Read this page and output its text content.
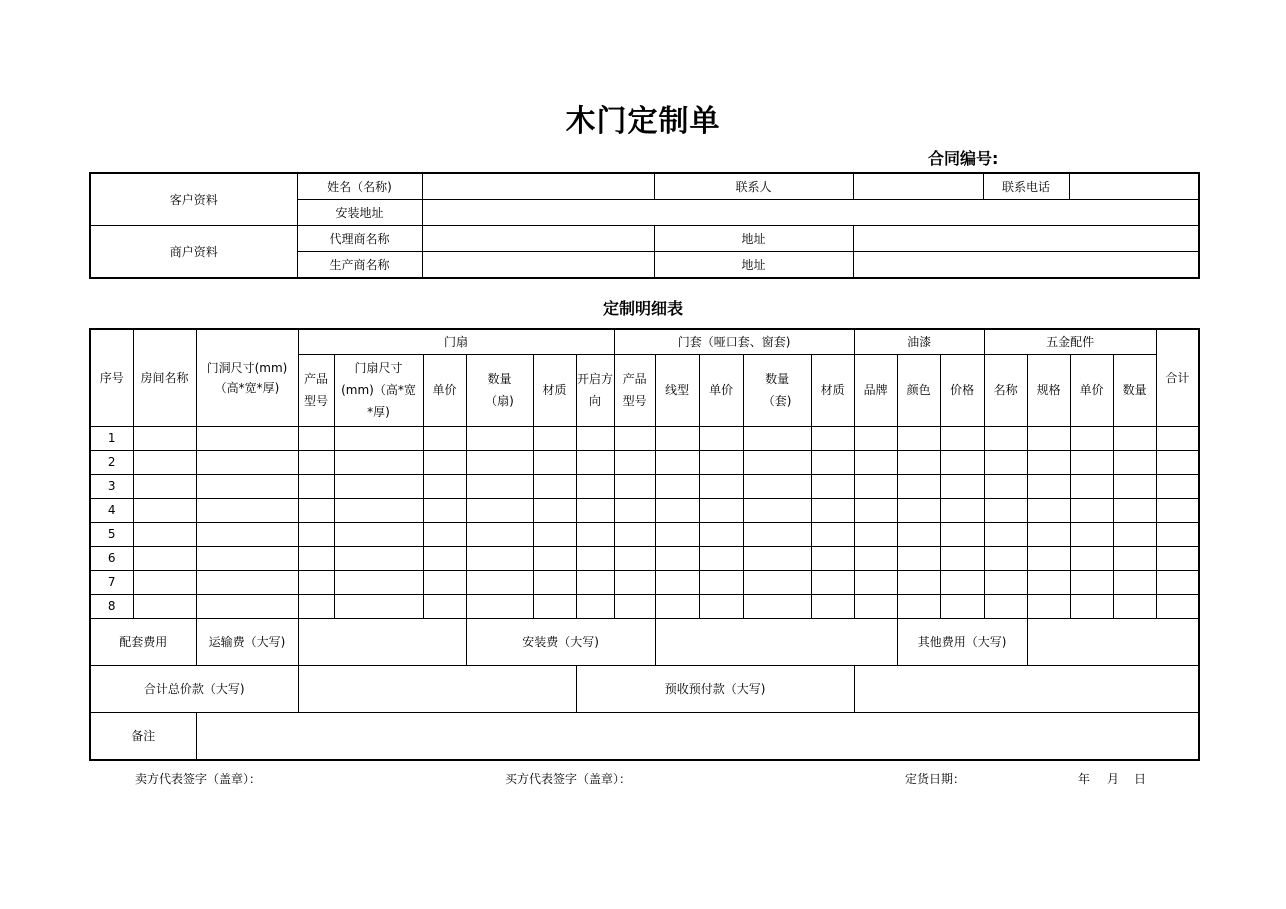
木门定制单
合同编号:
客户资料	姓名（名称)		联系人		联系电话	
	安装地址					
商户资料	代理商名称		地址			
	生产商名称		地址			
定制明细表
序号	房间名称	门洞尺寸(mm)（高*宽*厚)	门扇						门套（哑口套、窗套)					油漆			五金配件				合计
			产品型号	门扇尺寸(mm)（高*宽*厚)	单价	数量（扇)	材质	开启方向	产品型号	线型	单价	数量（套)	材质	品牌	颜色	价格	名称	规格	单价	数量	
1																					
2																					
3																					
4																					
5																					
6																					
7																					
8																					
配套费用		运输费（大写)				安装费（大写)									其他费用（大写)						
合计总价款（大写)								预收预付款（大写)													
备注																					
卖方代表签字（盖章）：	买方代表签字（盖章）：	定货日期：	年 月 日
